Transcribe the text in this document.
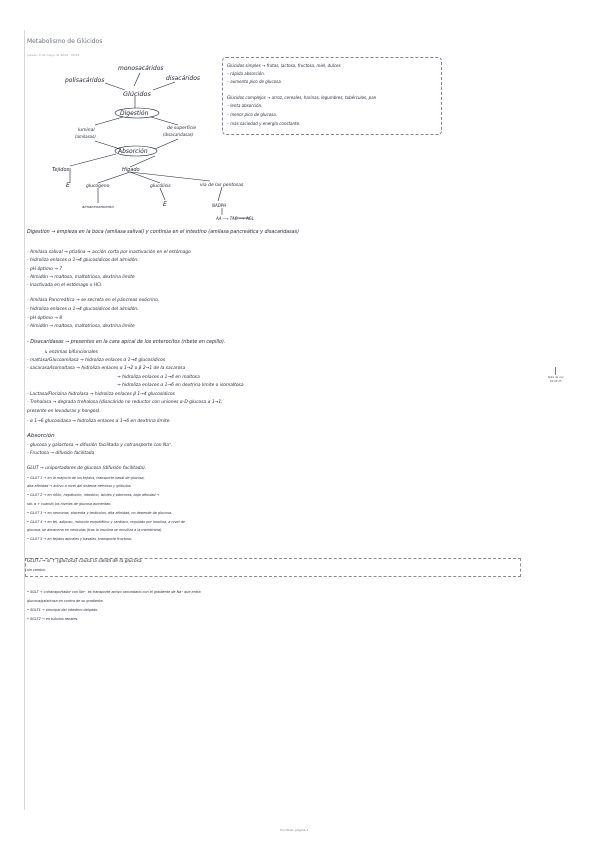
Metabolismo de Glúcidos
Jueves, 9 de mayo de 2024 · 09:42
monosacáridos
polisacáridos	disacáridos
Glúcidos
Digestión
luminal
(amilasas)
de superficie
(disacaridasas)
Absorción
Hígado
Tejidos
E	glucógeno	glucólisis	vía de las pentosas
almacenamiento	E	NADPH
AA ⟶ TAG ⟶ AGL
Glúcidos simples → frutas, lactosa, fructosa, miel, dulces
– rápida absorción.
– aumento pico de glucosa.
Glúcidos complejos → arroz, cereales, harinas, legumbres, tubérculos, pan
– lenta absorción.
– menor pico de glucosa.
– más saciedad y energía constante.
Nota de voz
00:00:25
Digestión → empieza en la boca (amilasa salival) y continúa en el intestino (amilasa pancreática y disacaridasas)
- Amilasa salival → ptialina → acción corta por inactivación en el estómago
- hidroliza enlaces α 1→4 glucosídicos del almidón.
- pH óptimo → 7
- Almidón → maltosa, maltotriosa, dextrina límite
- Inactivada en el estómago x HCl.
- Amilasa Pancreática → se secreta en el páncreas exócrino.
- hidroliza enlaces α 1→4 glucosídicos del almidón.
- pH óptimo → 8
- Almidón → maltosa, maltotriosa, dextrina límite
- Disacaridasas → presentes en la cara apical de los enterocitos (ribete en cepillo).
↳ enzimas bifuncionales
- maltasa/Glucoamilasa → hidroliza enlaces α 1→4 glucosídicos
- sacarasa/Isomaltasa → hidroliza enlaces α 1→2 o β 2→1 de la sacarosa
→ hidroliza enlaces α 1→4 en maltosa
→ hidroliza enlaces α 1→6 en dextrina límite o isomaltosa
- Lactasa/Florizina hidrolasa → hidroliza enlaces β 1→4 glucosídicos
- Trehalasa → degrada trehalosa (disacárido no reductor con uniones α-D-glucosa α 1→1;
presente en levaduras y hongos).
- α 1→6 glucosidasa → hidroliza enlaces α 1→6 en dextrina límite.
Absorción
- glucosa y galactosa → difusión facilitada y cotransporte con Na⁺.
- Fructosa → difusión facilitada
GLUT → uniportadores de glucosa (difusión facilitada).
• GLUT 1 → en la mayoría de los tejidos, transporte basal de glucosa,
alta afinidad → activo a nivel del sistema nervioso y glóbulos.
• GLUT 2 → en riñón, hepatocito, intestino, islotes y páncreas, baja afinidad →
sal. α + cuando los niveles de glucosa aumentan.
• GLUT 3 → en neuronas, placenta y testículos, alta afinidad, no depende de glucosa.
• GLUT 4 → en tej. adiposo, músculo esquelético y cardíaco, regulado por insulina, a nivel de
glucosa, se almacena en vesículas (tras la insulina se moviliza a la membrana).
• GLUT 5 → en tejidos apicales y basales, transporte fructosa.
GLUT₂ → si ↑ [glucosa] causa la salida de la glucosa
sin cambio
• SGLT → cotransportador con Na⁺, es transporte activo secundario con el gradiente de Na⁺ que entra
glucosa/galactosa en contra de su gradiente.
• SGLT1 → principal del intestino delgado.
• SGLT2 → en túbulos renales.
Sin título, página 1
